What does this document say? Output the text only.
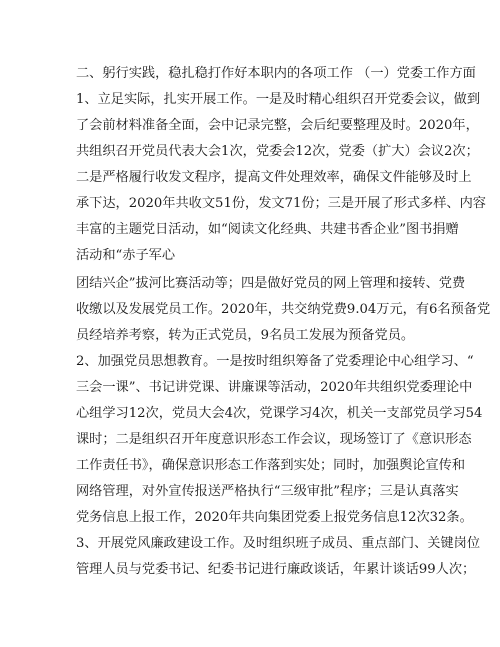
二、躬行实践，稳扎稳打作好本职内的各项工作 （一）党委工作方面
1、立足实际，扎实开展工作。一是及时精心组织召开党委会议，做到
了会前材料准备全面，会中记录完整，会后纪要整理及时。2020年，
共组织召开党员代表大会1次，党委会12次，党委（扩大）会议2次；
二是严格履行收发文程序，提高文件处理效率，确保文件能够及时上
承下达，2020年共收文51份，发文71份；三是开展了形式多样、内容
丰富的主题党日活动，如“阅读文化经典、共建书香企业”图书捐赠
活动和“赤子军心
团结兴企”拔河比赛活动等；四是做好党员的网上管理和接转、党费
收缴以及发展党员工作。2020年，共交纳党费9.04万元，有6名预备党
员经培养考察，转为正式党员，9名员工发展为预备党员。
2、加强党员思想教育。一是按时组织筹备了党委理论中心组学习、“
三会一课”、书记讲党课、讲廉课等活动，2020年共组织党委理论中
心组学习12次，党员大会4次，党课学习4次，机关一支部党员学习54
课时；二是组织召开年度意识形态工作会议，现场签订了《意识形态
工作责任书》，确保意识形态工作落到实处；同时，加强舆论宣传和
网络管理，对外宣传报送严格执行“三级审批”程序；三是认真落实
党务信息上报工作，2020年共向集团党委上报党务信息12次32条。
3、开展党风廉政建设工作。及时组织班子成员、重点部门、关键岗位
管理人员与党委书记、纪委书记进行廉政谈话，年累计谈话99人次；
